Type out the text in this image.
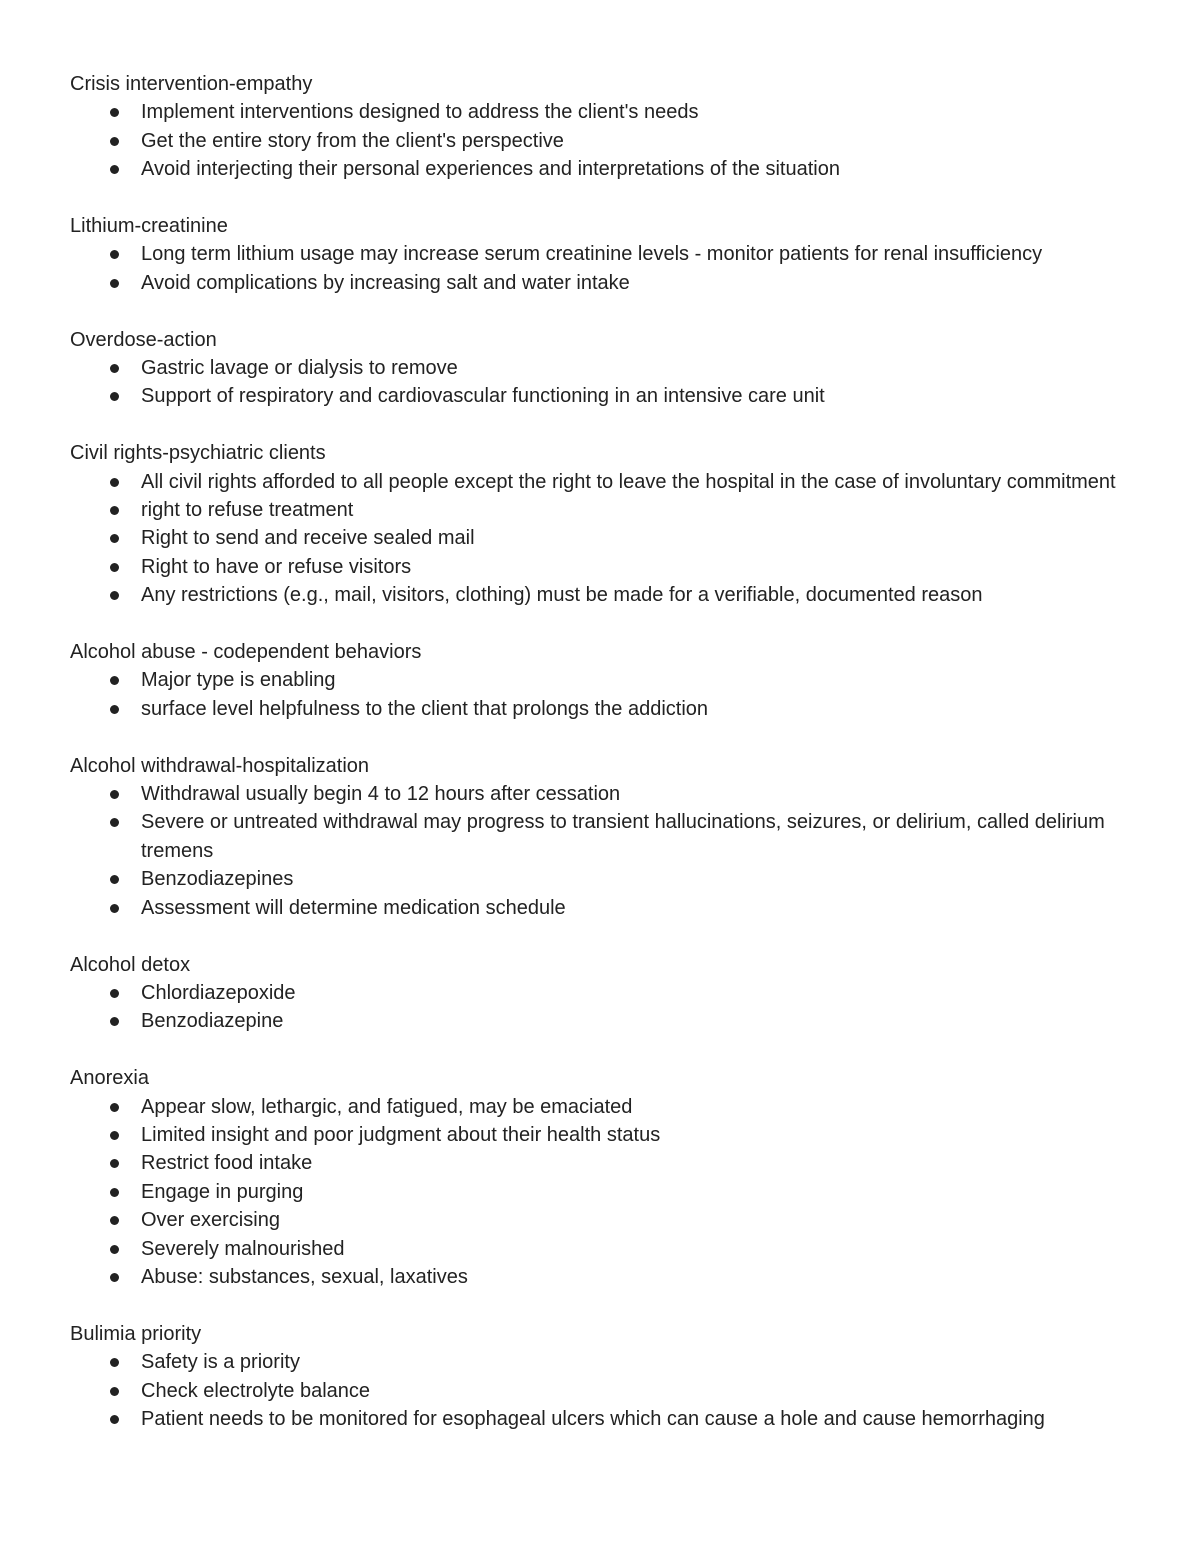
Crisis intervention-empathy
Implement interventions designed to address the client's needs
Get the entire story from the client's perspective
Avoid interjecting their personal experiences and interpretations of the situation
Lithium-creatinine
Long term lithium usage may increase serum creatinine levels - monitor patients for renal insufficiency
Avoid complications by increasing salt and water intake
Overdose-action
Gastric lavage or dialysis to remove
Support of respiratory and cardiovascular functioning in an intensive care unit
Civil rights-psychiatric clients
All civil rights afforded to all people except the right to leave the hospital in the case of involuntary commitment
right to refuse treatment
Right to send and receive sealed mail
Right to have or refuse visitors
Any restrictions (e.g., mail, visitors, clothing) must be made for a verifiable, documented reason
Alcohol abuse - codependent behaviors
Major type is enabling
surface level helpfulness to the client that prolongs the addiction
Alcohol withdrawal-hospitalization
Withdrawal usually begin 4 to 12 hours after cessation
Severe or untreated withdrawal may progress to transient hallucinations, seizures, or delirium, called delirium tremens
Benzodiazepines
Assessment will determine medication schedule
Alcohol detox
Chlordiazepoxide
Benzodiazepine
Anorexia
Appear slow, lethargic, and fatigued, may be emaciated
Limited insight and poor judgment about their health status
Restrict food intake
Engage in purging
Over exercising
Severely malnourished
Abuse: substances, sexual, laxatives
Bulimia priority
Safety is a priority
Check electrolyte balance
Patient needs to be monitored for esophageal ulcers which can cause a hole and cause hemorrhaging
